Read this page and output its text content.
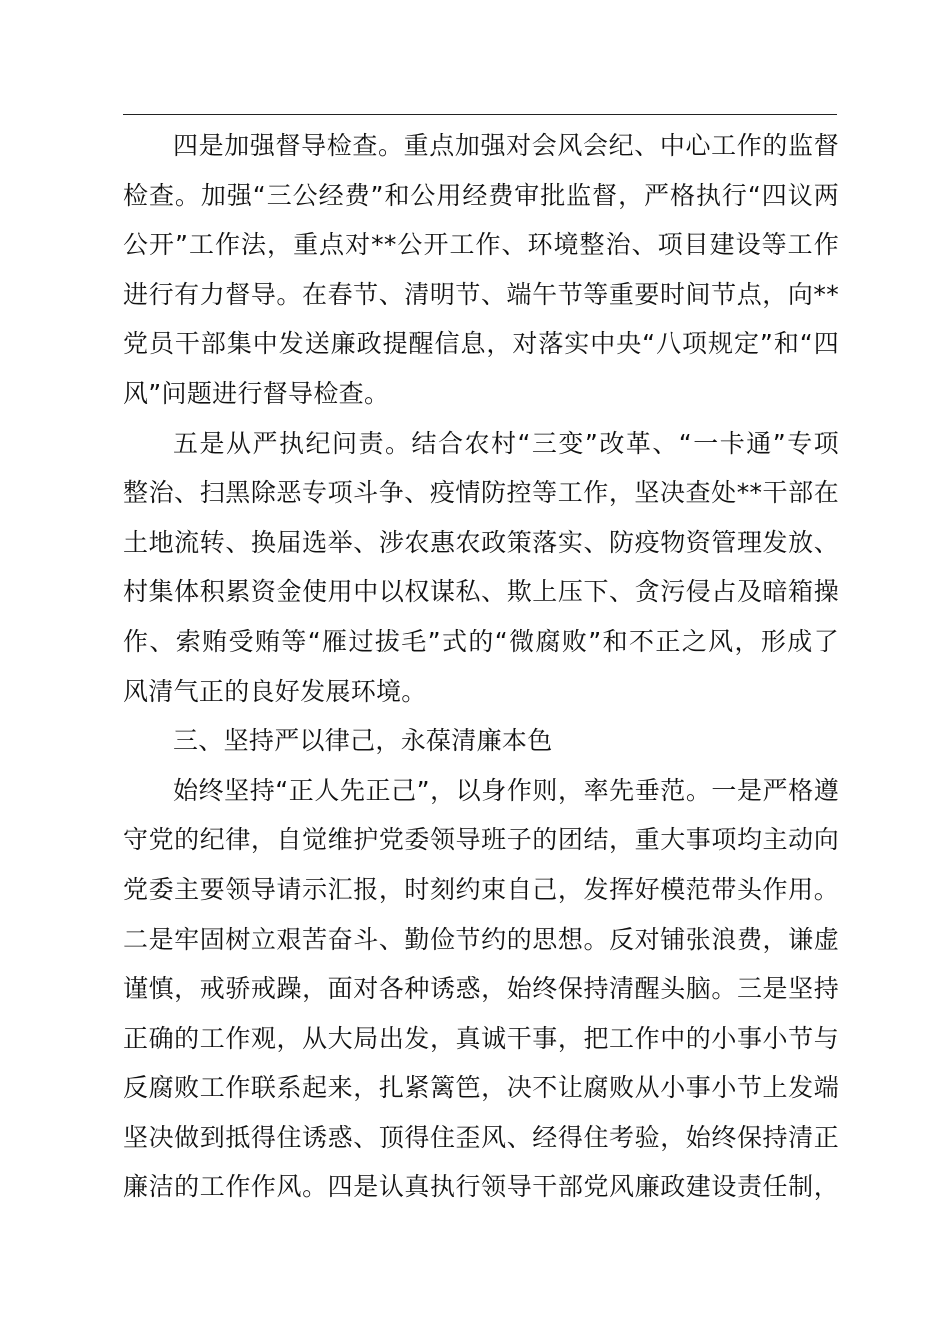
四是加强督导检查。重点加强对会风会纪、中心工作的监督
检查。加强“三公经费”和公用经费审批监督，严格执行“四议两
公开”工作法，重点对**公开工作、环境整治、项目建设等工作
进行有力督导。在春节、清明节、端午节等重要时间节点，向**
党员干部集中发送廉政提醒信息，对落实中央“八项规定”和“四
风”问题进行督导检查。
五是从严执纪问责。结合农村“三变”改革、“一卡通”专项
整治、扫黑除恶专项斗争、疫情防控等工作，坚决查处**干部在
土地流转、换届选举、涉农惠农政策落实、防疫物资管理发放、
村集体积累资金使用中以权谋私、欺上压下、贪污侵占及暗箱操
作、索贿受贿等“雁过拔毛”式的“微腐败”和不正之风，形成了
风清气正的良好发展环境。
三、坚持严以律己，永葆清廉本色
始终坚持“正人先正己”，以身作则，率先垂范。一是严格遵
守党的纪律，自觉维护党委领导班子的团结，重大事项均主动向
党委主要领导请示汇报，时刻约束自己，发挥好模范带头作用。
二是牢固树立艰苦奋斗、勤俭节约的思想。反对铺张浪费，谦虚
谨慎，戒骄戒躁，面对各种诱惑，始终保持清醒头脑。三是坚持
正确的工作观，从大局出发，真诚干事，把工作中的小事小节与
反腐败工作联系起来，扎紧篱笆，决不让腐败从小事小节上发端
坚决做到抵得住诱惑、顶得住歪风、经得住考验，始终保持清正
廉洁的工作作风。四是认真执行领导干部党风廉政建设责任制，
